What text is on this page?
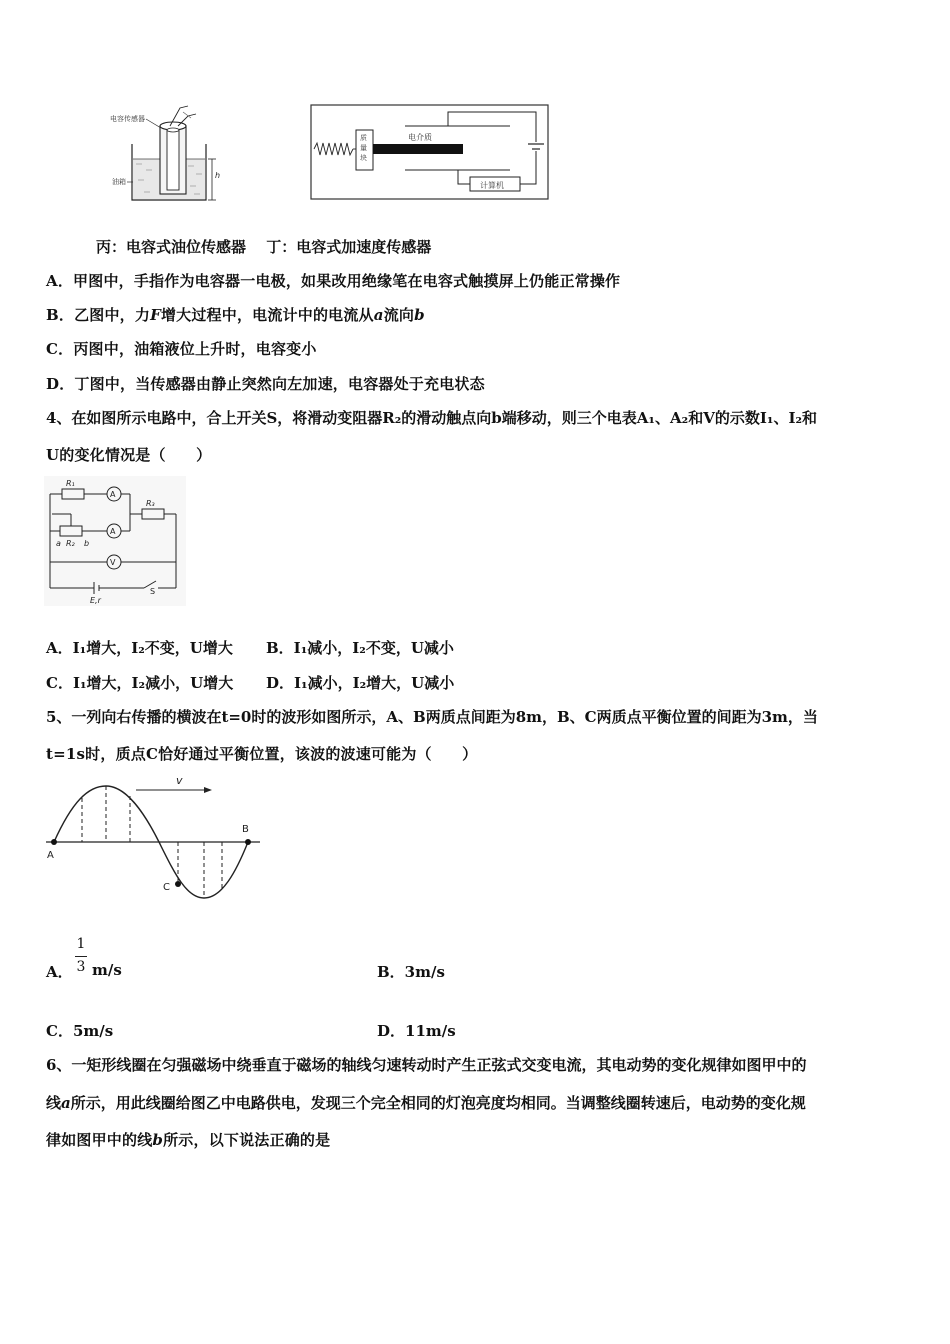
电容传感器
油箱
h
质
量
块
电介质
计算机
丙：电容式油位传感器　 丁：电容式加速度传感器
A．甲图中，手指作为电容器一电极，如果改用绝缘笔在电容式触摸屏上仍能正常操作
B．乙图中，力F增大过程中，电流计中的电流从a流向b
C．丙图中，油箱液位上升时，电容变小
D．丁图中，当传感器由静止突然向左加速，电容器处于充电状态
4、在如图所示电路中，合上开关S，将滑动变阻器R₂的滑动触点向b端移动，则三个电表A₁、A₂和V的示数I₁、I₂和
U的变化情况是（　　）
R₁
A
A
V
R₃
a R₂ b
E,r
S
A．I₁增大，I₂不变，U增大 B．I₁减小，I₂不变，U减小
C．I₁增大，I₂减小，U增大 D．I₁减小，I₂增大，U减小
5、一列向右传播的横波在t=0时的波形如图所示，A、B两质点间距为8m，B、C两质点平衡位置的间距为3m，当
t=1s时，质点C恰好通过平衡位置，该波的波速可能为（　　）
v
A
B
C
A．
1
3 m/s	B．3m/s
C．5m/s	D．11m/s
6、一矩形线圈在匀强磁场中绕垂直于磁场的轴线匀速转动时产生正弦式交变电流，其电动势的变化规律如图甲中的
线a所示，用此线圈给图乙中电路供电，发现三个完全相同的灯泡亮度均相同。当调整线圈转速后，电动势的变化规
律如图甲中的线b所示，以下说法正确的是
